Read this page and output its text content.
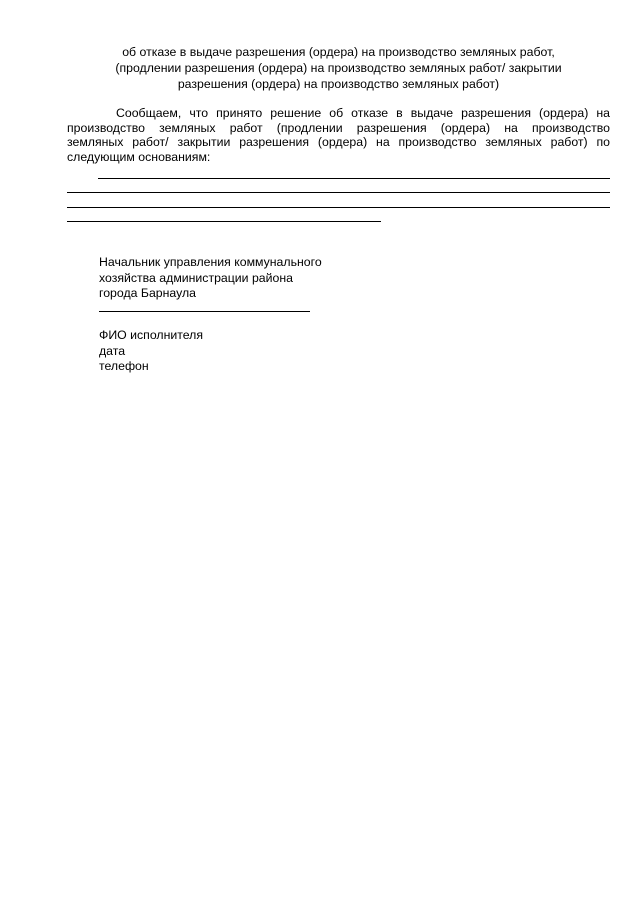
об отказе в выдаче разрешения (ордера) на производство земляных работ,
(продлении разрешения (ордера) на производство земляных работ/ закрытии
разрешения (ордера) на производство земляных работ)
Сообщаем, что принято решение об отказе в выдаче разрешения (ордера) на
производство земляных работ (продлении разрешения (ордера) на производство
земляных работ/ закрытии разрешения (ордера) на производство земляных работ) по
следующим основаниям:
Начальник управления коммунального
хозяйства администрации района
города Барнаула
ФИО исполнителя
дата
телефон
